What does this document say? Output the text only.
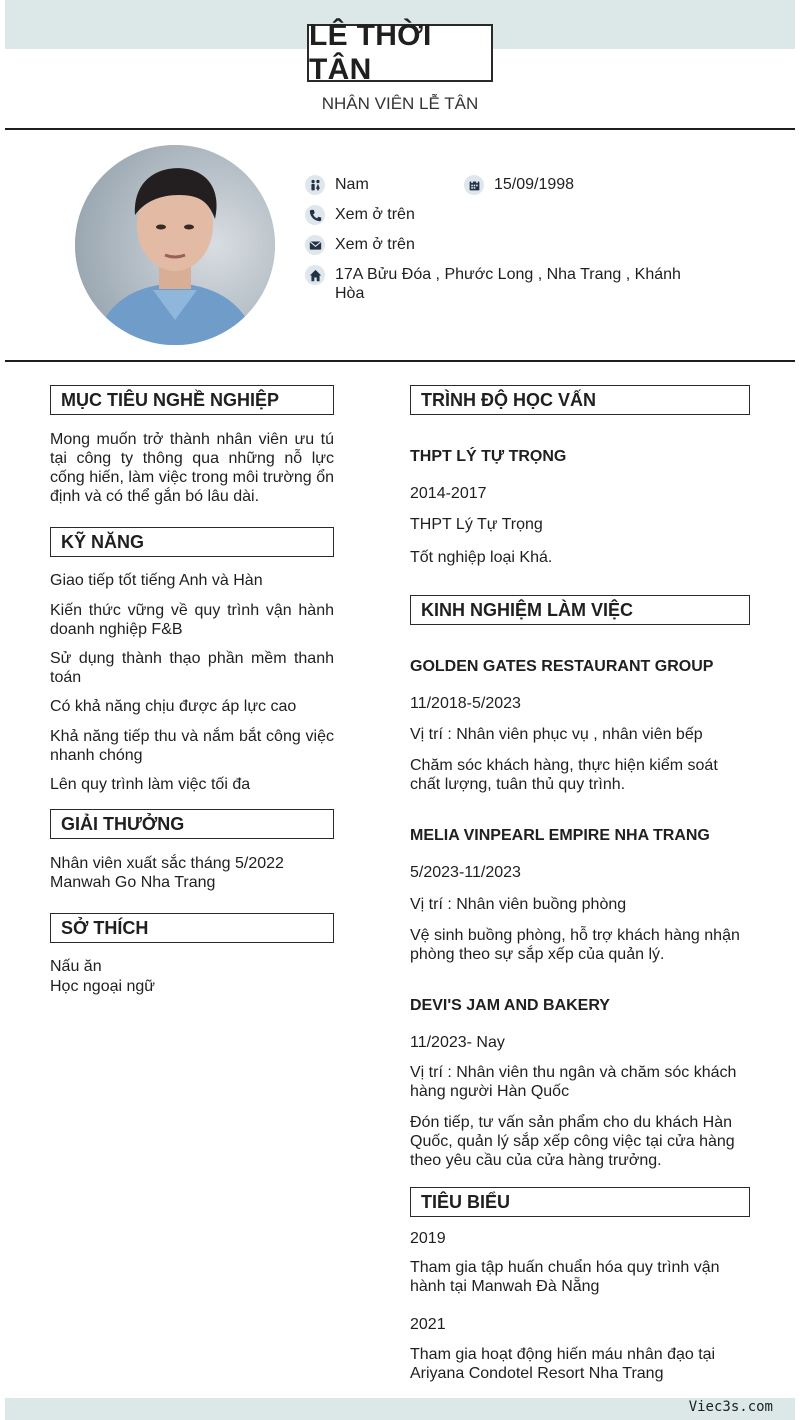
LÊ THỜI TÂN
NHÂN VIÊN LỄ TÂN
Nam	15/09/1998
Xem ở trên
Xem ở trên
17A Bửu Đóa , Phước Long , Nha Trang , Khánh
Hòa
MỤC TIÊU NGHỀ NGHIỆP
Mong muốn trở thành nhân viên ưu tú tại công ty thông qua những nỗ lực cống hiến, làm việc trong môi trường ổn định và có thể gắn bó lâu dài.
KỸ NĂNG
Giao tiếp tốt tiếng Anh và Hàn
Kiến thức vững về quy trình vận hành doanh nghiệp F&B
Sử dụng thành thạo phần mềm thanh toán
Có khả năng chịu được áp lực cao
Khả năng tiếp thu và nắm bắt công việc nhanh chóng
Lên quy trình làm việc tối đa
GIẢI THƯỞNG
Nhân viên xuất sắc tháng 5/2022
Manwah Go Nha Trang
SỞ THÍCH
Nấu ăn
Học ngoại ngữ
TRÌNH ĐỘ HỌC VẤN
THPT LÝ TỰ TRỌNG
2014-2017
THPT Lý Tự Trọng
Tốt nghiệp loại Khá.
KINH NGHIỆM LÀM VIỆC
GOLDEN GATES RESTAURANT GROUP
11/2018-5/2023
Vị trí : Nhân viên phục vụ , nhân viên bếp
Chăm sóc khách hàng, thực hiện kiểm soát chất lượng, tuân thủ quy trình.
MELIA VINPEARL EMPIRE NHA TRANG
5/2023-11/2023
Vị trí : Nhân viên buồng phòng
Vệ sinh buồng phòng, hỗ trợ khách hàng nhận phòng theo sự sắp xếp của quản lý.
DEVI'S JAM AND BAKERY
11/2023- Nay
Vị trí : Nhân viên thu ngân và chăm sóc khách hàng người Hàn Quốc
Đón tiếp, tư vấn sản phẩm cho du khách Hàn Quốc, quản lý sắp xếp công việc tại cửa hàng theo yêu cầu của cửa hàng trưởng.
TIÊU BIỂU
2019
Tham gia tập huấn chuẩn hóa quy trình vận hành tại Manwah Đà Nẵng
2021
Tham gia hoạt động hiến máu nhân đạo tại Ariyana Condotel Resort Nha Trang
Viec3s.com
